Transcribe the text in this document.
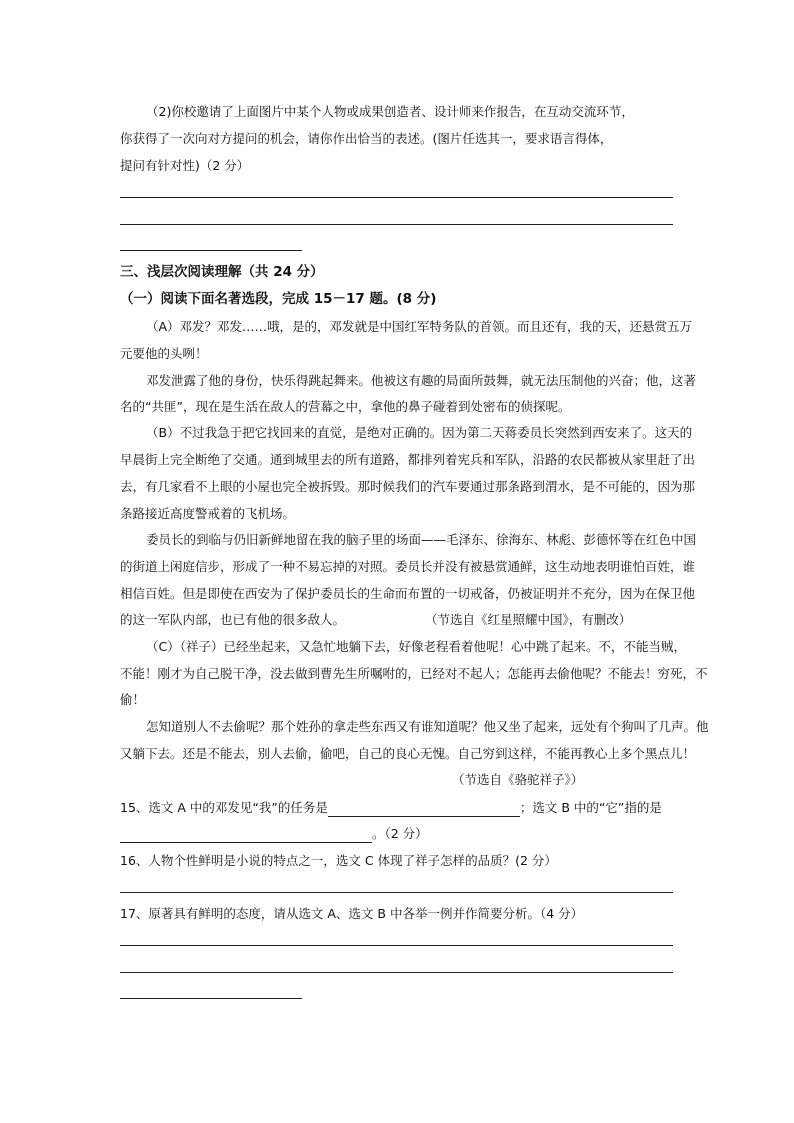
（2)你校邀请了上面图片中某个人物或成果创造者、设计师来作报告，在互动交流环节，
你获得了一次向对方提问的机会，请你作出恰当的表述。(图片任选其一，要求语言得体，
提问有针对性)（2 分）
三、浅层次阅读理解（共 24 分）
（一）阅读下面名著选段，完成 15－17 题。(8 分)
（A）邓发？邓发……哦，是的，邓发就是中国红军特务队的首领。而且还有，我的天，还悬赏五万
元要他的头咧！
邓发泄露了他的身份，快乐得跳起舞来。他被这有趣的局面所鼓舞，就无法压制他的兴奋；他，这著
名的“共匪”，现在是生活在敌人的营幕之中，拿他的鼻子碰着到处密布的侦探呢。
（B）不过我急于把它找回来的直觉，是绝对正确的。因为第二天蒋委员长突然到西安来了。这天的
早晨街上完全断绝了交通。通到城里去的所有道路，都排列着宪兵和军队，沿路的农民都被从家里赶了出
去，有几家看不上眼的小屋也完全被拆毁。那时候我们的汽车要通过那条路到渭水，是不可能的，因为那
条路接近高度警戒着的飞机场。
委员长的到临与仍旧新鲜地留在我的脑子里的场面——毛泽东、徐海东、林彪、彭德怀等在红色中国
的街道上闲庭信步，形成了一种不易忘掉的对照。委员长并没有被悬赏通鲜，这生动地表明谁怕百姓，谁
相信百姓。但是即使在西安为了保护委员长的生命而布置的一切戒备，仍被证明并不充分，因为在保卫他
的这一军队内部，也已有他的很多敌人。	（节选自《红星照耀中国》，有删改）
（C）（祥子）已经坐起来，又急忙地躺下去，好像老程看着他呢！心中跳了起来。不，不能当贼，
不能！刚才为自己脱干净，没去做到曹先生所嘱咐的，已经对不起人；怎能再去偷他呢？不能去！穷死，不
偷！
怎知道别人不去偷呢？那个姓孙的拿走些东西又有谁知道呢？他又坐了起来，远处有个狗叫了几声。他
又躺下去。还是不能去，别人去偷，偷吧，自己的良心无愧。自己穷到这样，不能再教心上多个黑点儿！
（节选自《骆驼祥子》）
15、选文 A 中的邓发见“我”的任务是	；选文 B 中的“它”指的是
。（2 分）
16、人物个性鲜明是小说的特点之一，选文 C 体现了祥子怎样的品质？(2 分）
17、原著具有鲜明的态度，请从选文 A、选文 B 中各举一例并作简要分析。（4 分）
